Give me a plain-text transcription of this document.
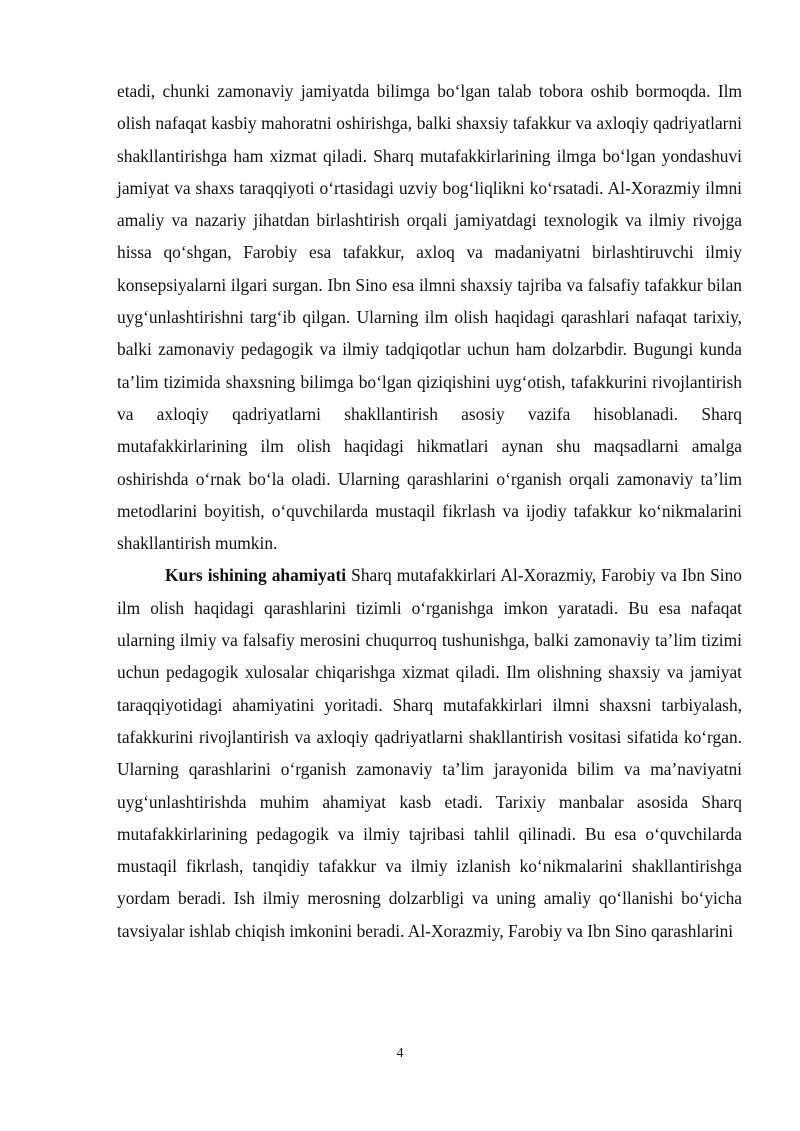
etadi, chunki zamonaviy jamiyatda bilimga bo‘lgan talab tobora oshib bormoqda. Ilm olish nafaqat kasbiy mahoratni oshirishga, balki shaxsiy tafakkur va axloqiy qadriyatlarni shakllantirishga ham xizmat qiladi. Sharq mutafakkirlarining ilmga bo‘lgan yondashuvi jamiyat va shaxs taraqqiyoti o‘rtasidagi uzviy bog‘liqlikni ko‘rsatadi. Al-Xorazmiy ilmni amaliy va nazariy jihatdan birlashtirish orqali jamiyatdagi texnologik va ilmiy rivojga hissa qo‘shgan, Farobiy esa tafakkur, axloq va madaniyatni birlashtiruvchi ilmiy konsepsiyalarni ilgari surgan. Ibn Sino esa ilmni shaxsiy tajriba va falsafiy tafakkur bilan uyg‘unlashtirishni targ‘ib qilgan. Ularning ilm olish haqidagi qarashlari nafaqat tarixiy, balki zamonaviy pedagogik va ilmiy tadqiqotlar uchun ham dolzarbdir. Bugungi kunda ta’lim tizimida shaxsning bilimga bo‘lgan qiziqishini uyg‘otish, tafakkurini rivojlantirish va axloqiy qadriyatlarni shakllantirish asosiy vazifa hisoblanadi. Sharq mutafakkirlarining ilm olish haqidagi hikmatlari aynan shu maqsadlarni amalga oshirishda o‘rnak bo‘la oladi. Ularning qarashlarini o‘rganish orqali zamonaviy ta’lim metodlarini boyitish, o‘quvchilarda mustaqil fikrlash va ijodiy tafakkur ko‘nikmalarini shakllantirish mumkin.

Kurs ishining ahamiyati Sharq mutafakkirlari Al-Xorazmiy, Farobiy va Ibn Sino ilm olish haqidagi qarashlarini tizimli o‘rganishga imkon yaratadi. Bu esa nafaqat ularning ilmiy va falsafiy merosini chuqurroq tushunishga, balki zamonaviy ta’lim tizimi uchun pedagogik xulosalar chiqarishga xizmat qiladi. Ilm olishning shaxsiy va jamiyat taraqqiyotidagi ahamiyatini yoritadi. Sharq mutafakkirlari ilmni shaxsni tarbiyalash, tafakkurini rivojlantirish va axloqiy qadriyatlarni shakllantirish vositasi sifatida ko‘rgan. Ularning qarashlarini o‘rganish zamonaviy ta’lim jarayonida bilim va ma’naviyatni uyg‘unlashtirishda muhim ahamiyat kasb etadi. Tarixiy manbalar asosida Sharq mutafakkirlarining pedagogik va ilmiy tajribasi tahlil qilinadi. Bu esa o‘quvchilarda mustaqil fikrlash, tanqidiy tafakkur va ilmiy izlanish ko‘nikmalarini shakllantirishga yordam beradi. Ish ilmiy merosning dolzarbligi va uning amaliy qo‘llanishi bo‘yicha tavsiyalar ishlab chiqish imkonini beradi. Al-Xorazmiy, Farobiy va Ibn Sino qarashlarini

4
